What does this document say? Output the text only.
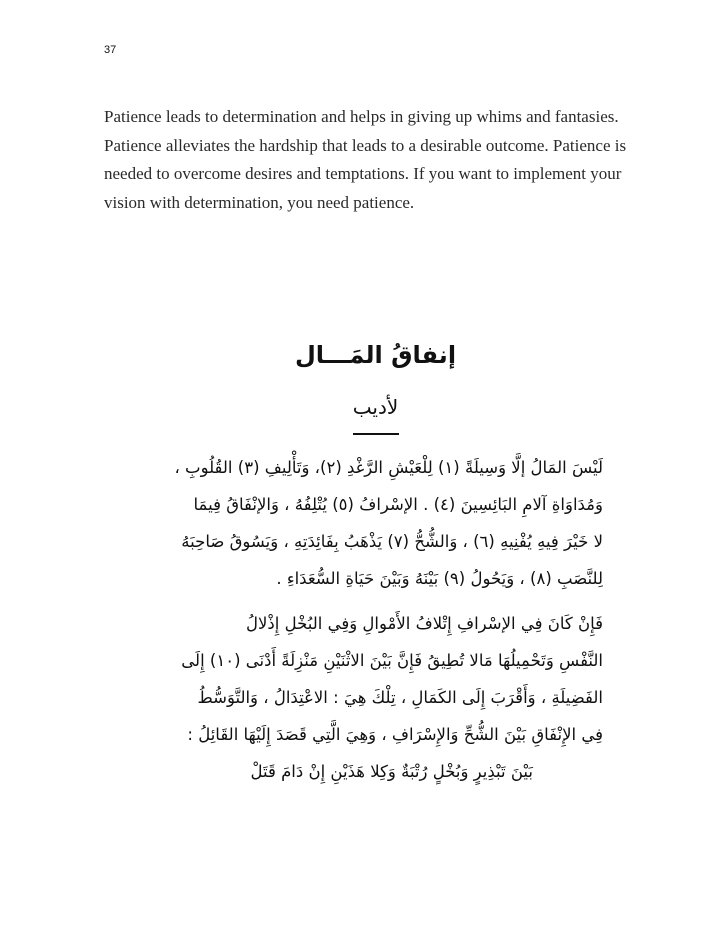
37

Patience leads to determination and helps in giving up whims and fantasies. Patience alleviates the hardship that leads to a desirable outcome. Patience is needed to overcome desires and temptations. If you want to implement your vision with determination, you need patience.

إنفاقُ المَـــال
لأديب
لَيْسَ المَالُ إلَّا وَسِيلَةً (١) لِلْعَيْشِ الرَّغْدِ (٢)، وَتَأْلِيفِ (٣) القُلُوبِ ،
وَمُدَاوَاةِ آلامِ البَائِسِينَ (٤) . الإسْرافُ (٥) يُتْلِفُهُ ، وَالإنْفَاقُ فِيمَا
لا خَيْرَ فِيهِ يُفْنِيهِ (٦) ، وَالشُّحُّ (٧) يَذْهَبُ بِفَائِدَتِهِ ، وَيَسُوقُ صَاحِبَهُ
لِلنَّصَبِ (٨) ، وَيَحُولُ (٩) بَيْنَهُ وَبَيْنَ حَيَاةِ السُّعَدَاءِ .
فَإِنْ كَانَ فِي الإسْرافِ إِتْلافُ الأَمْوالِ وَفِي البُخْلِ إِذْلالُ
النَّفْسِ وَتَحْمِيلُهَا مَالا تُطِيقُ فَإِنَّ بَيْنَ الاثْنَيْنِ مَنْزِلَةً أَدْنَى (١٠) إِلَى
الفَضِيلَةِ ، وَأَقْرَبَ إِلَى الكَمَالِ ، تِلْكَ هِيَ : الاعْتِدَالُ ، وَالتَّوَسُّطُ
فِي الإِنْفَاقِ بَيْنَ الشُّحِّ وَالإِسْرَافِ ، وَهِيَ الَّتِي قَصَدَ إِلَيْهَا القَائِلُ :
بَيْنَ تَبْذِيرٍ وَبُخْلٍ رُتْبَةٌ وَكِلا هَذَيْنِ إِنْ دَامَ قَتَلْ
